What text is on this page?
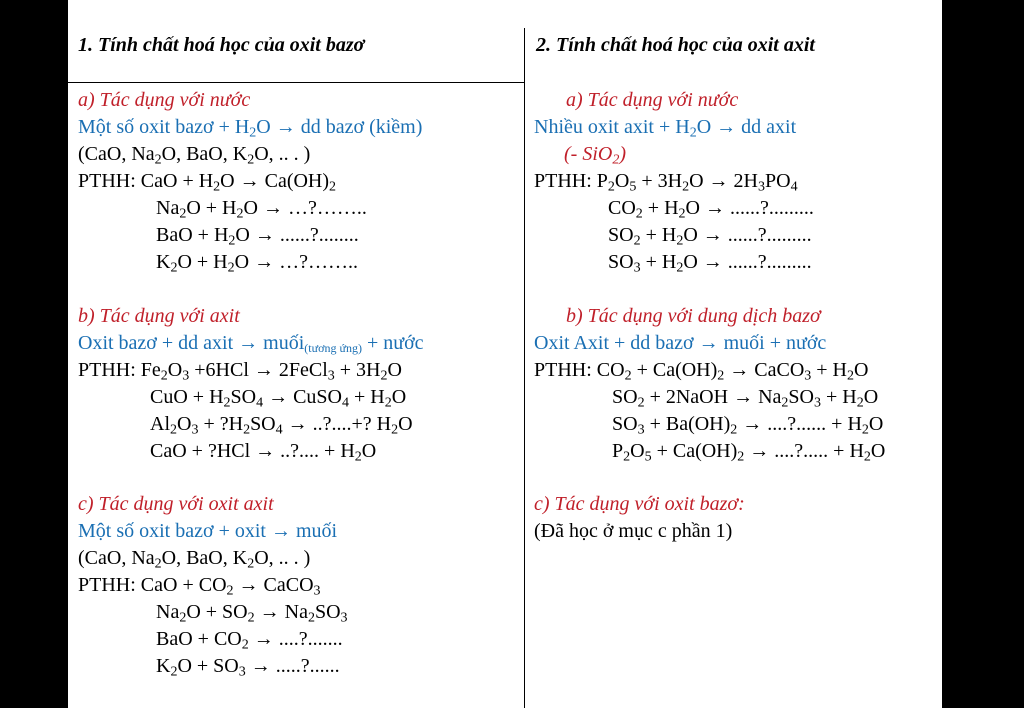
1. Tính chất hoá học của oxit bazơ
a) Tác dụng với nước
Một số oxit bazơ + $H_2O$ → dd bazơ (kiềm)
(CaO, $Na_2O$, BaO, $K_2O$, .. . )
PTHH: CaO + $H_2O \to Ca(OH)_2$
$Na_2O + H_2O$ → …?……..
BaO + $H_2O$ → ......?........
$K_2O + H_2O$ → …?……..
b) Tác dụng với axit
Oxit bazơ + dd axit → muối$_{(tương ứng)}$ + nước
PTHH: $Fe_2O_3 +6HCl$ → 2FeCl$_3$ + $3H_2O$
CuO + $H_2SO_4$ → CuSO$_4$ + $H_2O$
$Al_2O_3$ + $?H_2SO_4$ → ..?....+? $H_2O$
CaO + ?HCl → ..?.... + $H_2O$
c) Tác dụng với oxit axit
Một số oxit bazơ + oxit → muối
(CaO, $Na_2O$, BaO, $K_2O$, .. . )
PTHH: CaO + $CO_2$ → CaCO$_3$
$Na_2O + SO_2 \to Na_2SO_3$
BaO + $CO_2$ → ....?.......
$K_2O + SO_3$ → .....?......
2. Tính chất hoá học của oxit axit
a) Tác dụng với nước
Nhiều oxit axit + $H_2O$ → dd axit
(- SiO$_2$)
PTHH: $P_2O_5 + 3H_2O \to 2H_3PO_4$
$CO_2 + H_2O$ → ......?.........
$SO_2 + H_2O$ → ......?.........
$SO_3 + H_2O$ → ......?.........
b) Tác dụng với dung dịch bazơ
Oxit Axit + dd bazơ → muối + nước
PTHH: $CO_2 + Ca(OH)_2$ → CaCO$_3$ + $H_2O$
$SO_2$ + 2NaOH → $Na_2SO_3 + H_2O$
$SO_3 + Ba(OH)_2$ → ....?...... + $H_2O$
$P_2O_5 + Ca(OH)_2$ → ....?..... + $H_2O$
c) Tác dụng với oxit bazơ:
(Đã học ở mục c phần 1)
